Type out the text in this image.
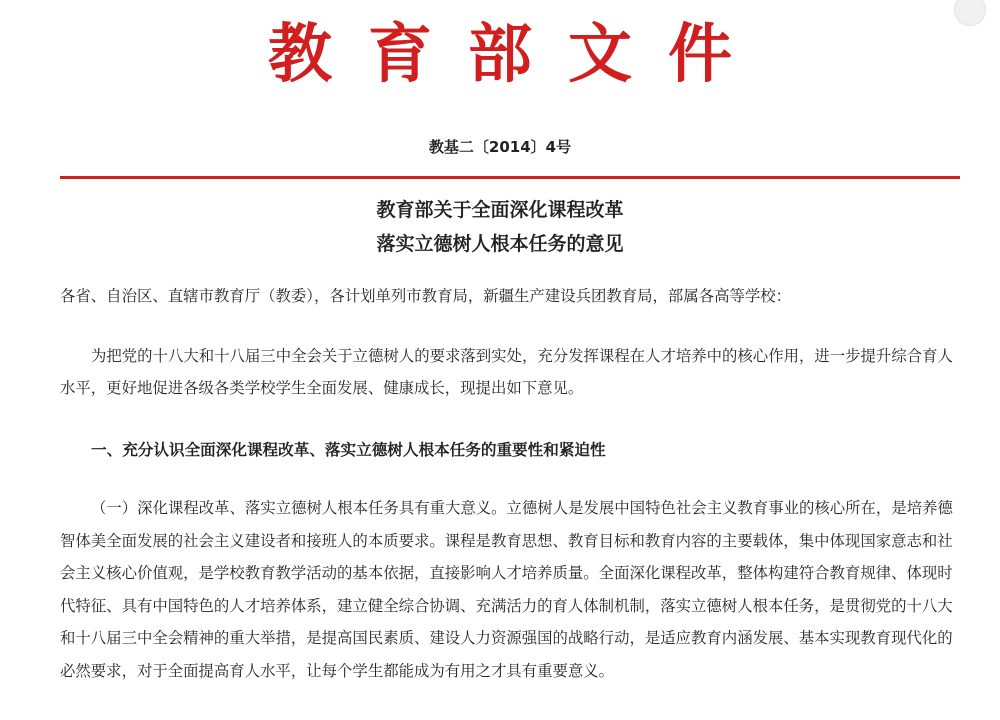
教育部文件
教基二〔2014〕4号
教育部关于全面深化课程改革
落实立德树人根本任务的意见
各省、自治区、直辖市教育厅（教委），各计划单列市教育局，新疆生产建设兵团教育局，部属各高等学校：
为把党的十八大和十八届三中全会关于立德树人的要求落到实处，充分发挥课程在人才培养中的核心作用，进一步提升综合育人水平，更好地促进各级各类学校学生全面发展、健康成长，现提出如下意见。
一、充分认识全面深化课程改革、落实立德树人根本任务的重要性和紧迫性
（一）深化课程改革、落实立德树人根本任务具有重大意义。立德树人是发展中国特色社会主义教育事业的核心所在，是培养德智体美全面发展的社会主义建设者和接班人的本质要求。课程是教育思想、教育目标和教育内容的主要载体，集中体现国家意志和社会主义核心价值观，是学校教育教学活动的基本依据，直接影响人才培养质量。全面深化课程改革，整体构建符合教育规律、体现时代特征、具有中国特色的人才培养体系，建立健全综合协调、充满活力的育人体制机制，落实立德树人根本任务，是贯彻党的十八大和十八届三中全会精神的重大举措，是提高国民素质、建设人力资源强国的战略行动，是适应教育内涵发展、基本实现教育现代化的必然要求，对于全面提高育人水平，让每个学生都能成为有用之才具有重要意义。
